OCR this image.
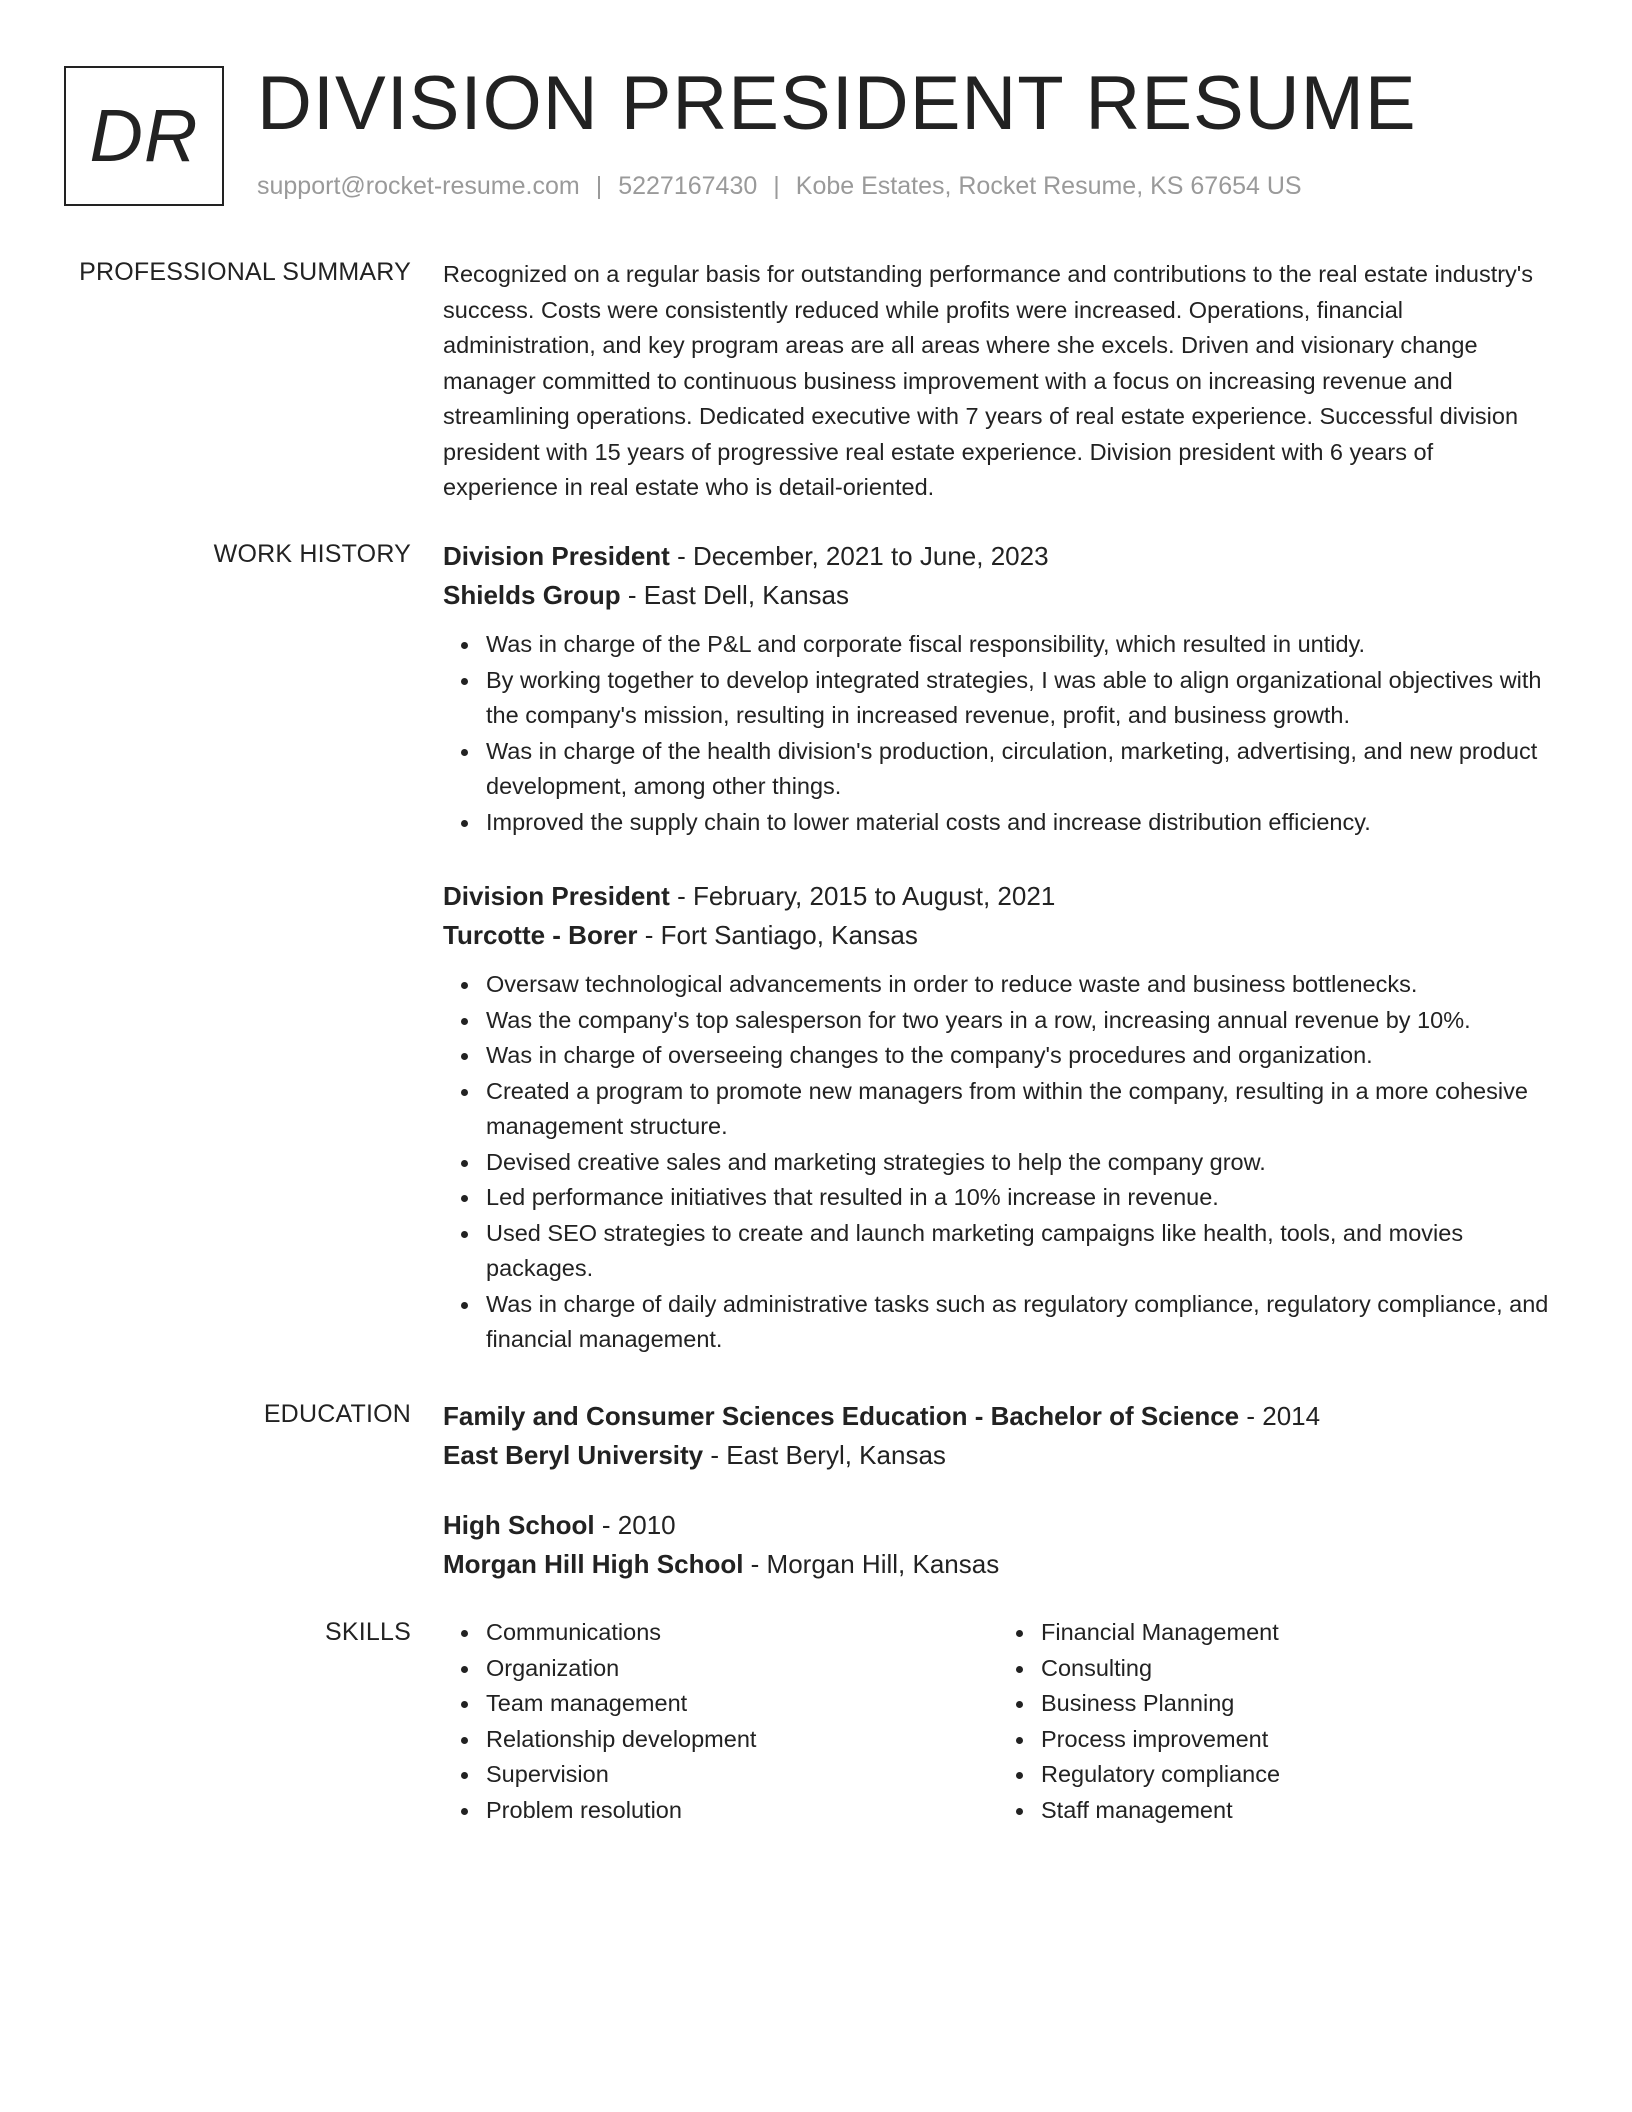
DR DIVISION PRESIDENT RESUME
support@rocket-resume.com | 5227167430 | Kobe Estates, Rocket Resume, KS 67654 US
PROFESSIONAL SUMMARY Recognized on a regular basis for outstanding performance and contributions to the real estate industry's success. Costs were consistently reduced while profits were increased. Operations, financial administration, and key program areas are all areas where she excels. Driven and visionary change manager committed to continuous business improvement with a focus on increasing revenue and streamlining operations. Dedicated executive with 7 years of real estate experience. Successful division president with 15 years of progressive real estate experience. Division president with 6 years of experience in real estate who is detail-oriented.

WORK HISTORY Division President - December, 2021 to June, 2023
Shields Group - East Dell, Kansas
Was in charge of the P&L and corporate fiscal responsibility, which resulted in untidy.
By working together to develop integrated strategies, I was able to align organizational objectives with the company's mission, resulting in increased revenue, profit, and business growth.
Was in charge of the health division's production, circulation, marketing, advertising, and new product development, among other things.
Improved the supply chain to lower material costs and increase distribution efficiency.
Division President - February, 2015 to August, 2021
Turcotte - Borer - Fort Santiago, Kansas
Oversaw technological advancements in order to reduce waste and business bottlenecks.
Was the company's top salesperson for two years in a row, increasing annual revenue by 10%.
Was in charge of overseeing changes to the company's procedures and organization.
Created a program to promote new managers from within the company, resulting in a more cohesive management structure.
Devised creative sales and marketing strategies to help the company grow.
Led performance initiatives that resulted in a 10% increase in revenue.
Used SEO strategies to create and launch marketing campaigns like health, tools, and movies packages.
Was in charge of daily administrative tasks such as regulatory compliance, regulatory compliance, and financial management.
EDUCATION Family and Consumer Sciences Education - Bachelor of Science - 2014
East Beryl University - East Beryl, Kansas
High School - 2010
Morgan Hill High School - Morgan Hill, Kansas
SKILLS	Communications
Organization
Team management
Relationship development
Supervision
Problem resolution
Financial Management
Consulting
Business Planning
Process improvement
Regulatory compliance
Staff management
